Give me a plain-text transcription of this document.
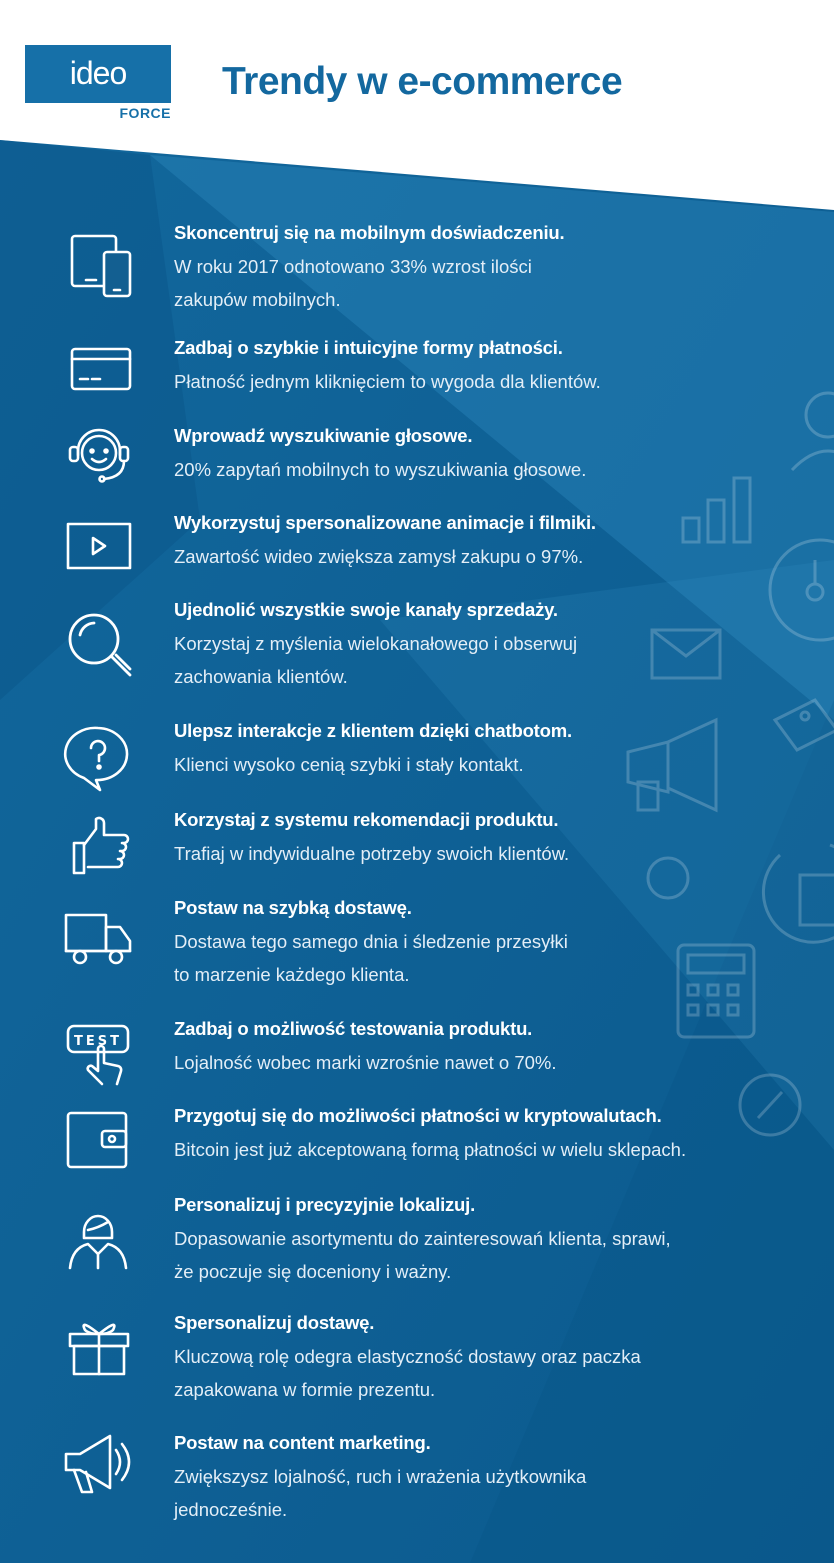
ideo
FORCE
Trendy w e-commerce

Skoncentruj się na mobilnym doświadczeniu.

W roku 2017 odnotowano 33% wzrost ilości
zakupów mobilnych.

Zadbaj o szybkie i intuicyjne formy płatności.

Płatność jednym kliknięciem to wygoda dla klientów.

Wprowadź wyszukiwanie głosowe.

20% zapytań mobilnych to wyszukiwania głosowe.

Wykorzystuj spersonalizowane animacje i filmiki.

Zawartość wideo zwiększa zamysł zakupu o 97%.

Ujednolić wszystkie swoje kanały sprzedaży.

Korzystaj z myślenia wielokanałowego i obserwuj
zachowania klientów.

Ulepsz interakcje z klientem dzięki chatbotom.

Klienci wysoko cenią szybki i stały kontakt.

Korzystaj z systemu rekomendacji produktu.

Trafiaj w indywidualne potrzeby swoich klientów.

Postaw na szybką dostawę.

Dostawa tego samego dnia i śledzenie przesyłki
to marzenie każdego klienta.

TEST

Zadbaj o możliwość testowania produktu.

Lojalność wobec marki wzrośnie nawet o 70%.

Przygotuj się do możliwości płatności w kryptowalutach.

Bitcoin jest już akceptowaną formą płatności w wielu sklepach.

Personalizuj i precyzyjnie lokalizuj.

Dopasowanie asortymentu do zainteresowań klienta, sprawi,
że poczuje się doceniony i ważny.

Spersonalizuj dostawę.

Kluczową rolę odegra elastyczność dostawy oraz paczka
zapakowana w formie prezentu.

Postaw na content marketing.

Zwiększysz lojalność, ruch i wrażenia użytkownika
jednocześnie.
